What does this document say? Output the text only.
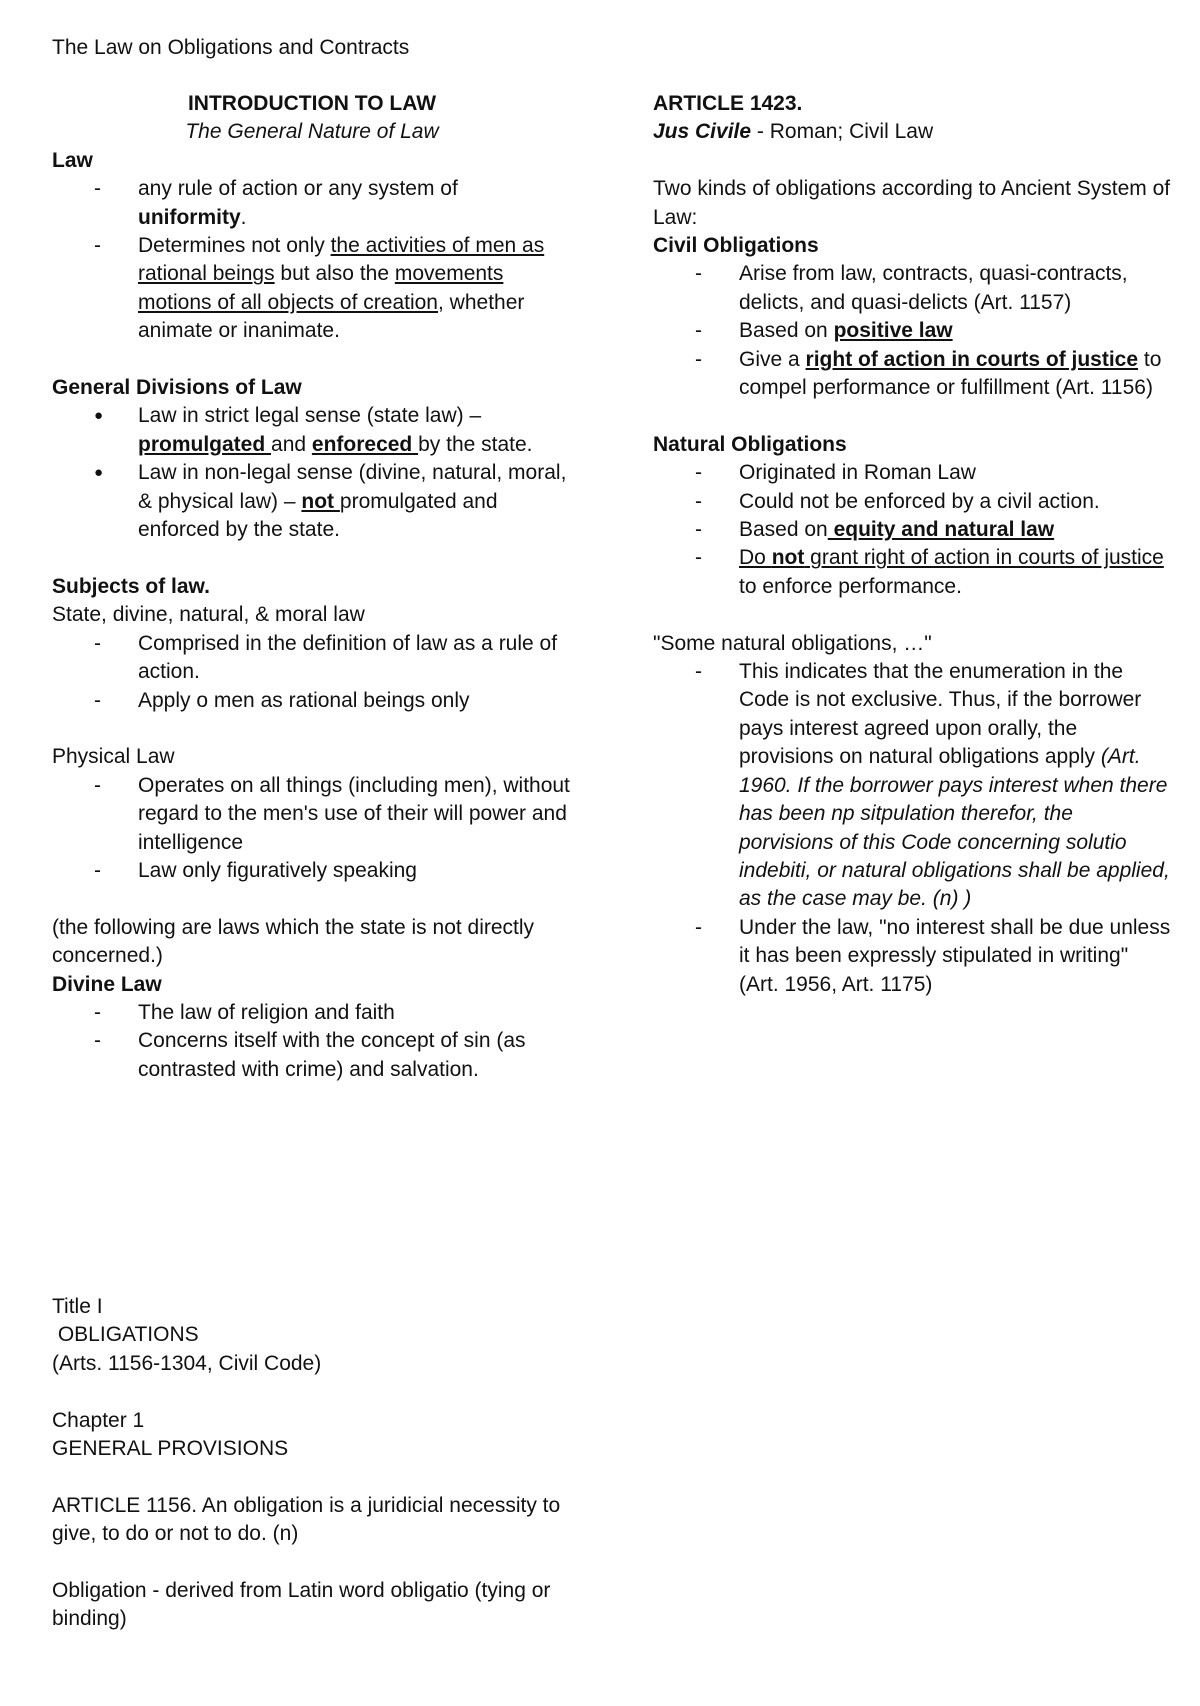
The Law on Obligations and Contracts
INTRODUCTION TO LAW
The General Nature of Law
Law
- any rule of action or any system of uniformity.
- Determines not only the activities of men as rational beings but also the movements motions of all objects of creation, whether animate or inanimate.
General Divisions of Law
● Law in strict legal sense (state law) – promulgated and enforeced by the state.
● Law in non-legal sense (divine, natural, moral, & physical law) – not promulgated and enforced by the state.
Subjects of law.
State, divine, natural, & moral law
- Comprised in the definition of law as a rule of action.
- Apply o men as rational beings only
Physical Law
- Operates on all things (including men), without regard to the men's use of their will power and intelligence
- Law only figuratively speaking
(the following are laws which the state is not directly concerned.)
Divine Law
- The law of religion and faith
- Concerns itself with the concept of sin (as contrasted with crime) and salvation.
ARTICLE 1423.
Jus Civile - Roman; Civil Law
Two kinds of obligations according to Ancient System of Law:
Civil Obligations
- Arise from law, contracts, quasi-contracts, delicts, and quasi-delicts (Art. 1157)
- Based on positive law
- Give a right of action in courts of justice to compel performance or fulfillment (Art. 1156)
Natural Obligations
- Originated in Roman Law
- Could not be enforced by a civil action.
- Based on equity and natural law
- Do not grant right of action in courts of justice to enforce performance.
"Some natural obligations, …"
- This indicates that the enumeration in the Code is not exclusive. Thus, if the borrower pays interest agreed upon orally, the provisions on natural obligations apply (Art. 1960. If the borrower pays interest when there has been np sitpulation therefor, the porvisions of this Code concerning solutio indebiti, or natural obligations shall be applied, as the case may be. (n) )
- Under the law, "no interest shall be due unless it has been expressly stipulated in writing" (Art. 1956, Art. 1175)
Title I
OBLIGATIONS
(Arts. 1156-1304, Civil Code)
Chapter 1
GENERAL PROVISIONS
ARTICLE 1156. An obligation is a juridicial necessity to give, to do or not to do. (n)
Obligation - derived from Latin word obligatio (tying or binding)
